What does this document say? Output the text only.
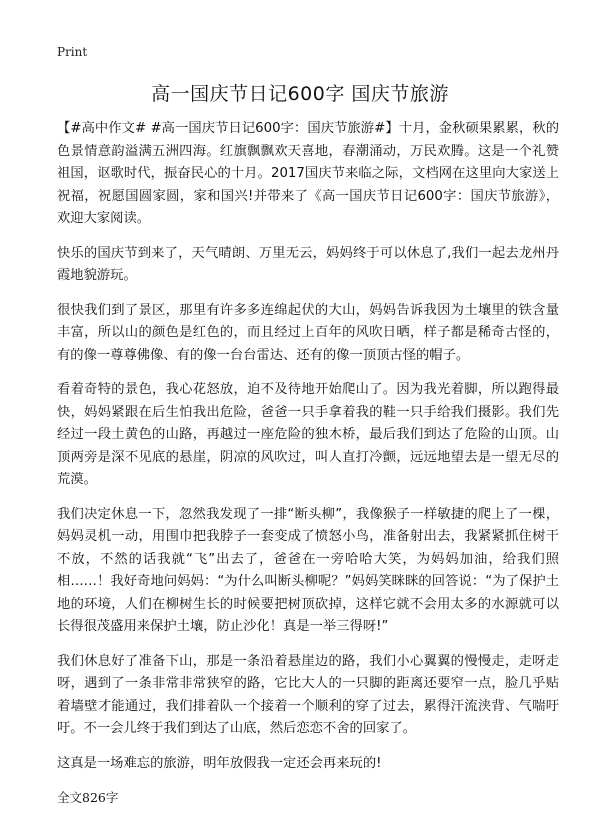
Print
高一国庆节日记600字 国庆节旅游

【#高中作文# #高一国庆节日记600字：国庆节旅游#】十月，金秋硕果累累，秋的色景情意韵溢满五洲四海。红旗飘飘欢天喜地，春潮涌动，万民欢腾。这是一个礼赞祖国，讴歌时代，振奋民心的十月。2017国庆节来临之际，文档网在这里向大家送上祝福，祝愿国圆家圆，家和国兴!并带来了《高一国庆节日记600字：国庆节旅游》，欢迎大家阅读。

快乐的国庆节到来了，天气晴朗、万里无云，妈妈终于可以休息了,我们一起去龙州丹霞地貌游玩。

很快我们到了景区，那里有许多多连绵起伏的大山，妈妈告诉我因为土壤里的铁含量丰富，所以山的颜色是红色的，而且经过上百年的风吹日晒，样子都是稀奇古怪的，有的像一尊尊佛像、有的像一台台雷达、还有的像一顶顶古怪的帽子。

看着奇特的景色，我心花怒放，迫不及待地开始爬山了。因为我光着脚，所以跑得最快，妈妈紧跟在后生怕我出危险，爸爸一只手拿着我的鞋一只手给我们摄影。我们先经过一段土黄色的山路，再越过一座危险的独木桥，最后我们到达了危险的山顶。山顶两旁是深不见底的悬崖，阴凉的风吹过，叫人直打冷颤，远远地望去是一望无尽的荒漠。

我们决定休息一下，忽然我发现了一排“断头柳”，我像猴子一样敏捷的爬上了一棵，妈妈灵机一动，用围巾把我脖子一套变成了愤怒小鸟，准备射出去，我紧紧抓住树干不放，不然的话我就“飞”出去了，爸爸在一旁哈哈大笑，为妈妈加油，给我们照相……！我好奇地问妈妈：“为什么叫断头柳呢？”妈妈笑眯眯的回答说：“为了保护土地的环境，人们在柳树生长的时候要把树顶砍掉，这样它就不会用太多的水源就可以长得很茂盛用来保护土壤，防止沙化！真是一举三得呀!”

我们休息好了准备下山，那是一条沿着悬崖边的路，我们小心翼翼的慢慢走，走呀走呀，遇到了一条非常非常狭窄的路，它比大人的一只脚的距离还要窄一点，脸几乎贴着墙壁才能通过，我们排着队一个接着一个顺利的穿了过去，累得汗流浃背、气喘吁吁。不一会儿终于我们到达了山底，然后恋恋不舍的回家了。

这真是一场难忘的旅游，明年放假我一定还会再来玩的!

全文826字
